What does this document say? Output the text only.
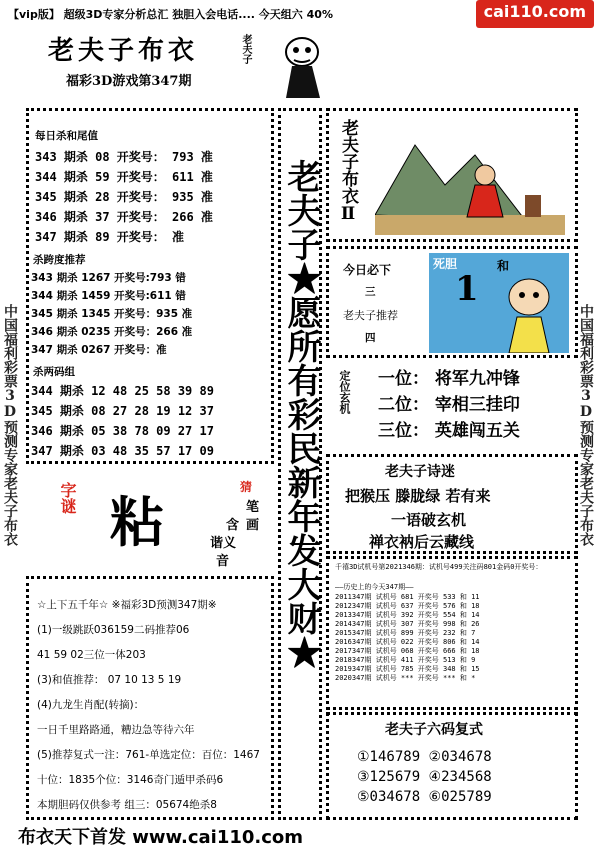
【vip版】 超级3D专家分析总汇 独胆入会电话.... 今天组六 40%	cai110.com
中国福利彩票3D预测专家老夫子布衣	中国福利彩票3D预测专家老夫子布衣
老夫子布衣
福彩3D游戏第347期
老夫子
每日杀和尾值
343 期杀 08 开奖号： 793 准
344 期杀 59 开奖号： 611 准
345 期杀 28 开奖号： 935 准
346 期杀 37 开奖号： 266 准
347 期杀 89 开奖号： 准
杀跨度推荐
343 期杀 1267 开奖号:793 错
344 期杀 1459 开奖号:611 错
345 期杀 1345 开奖号：935 准
346 期杀 0235 开奖号：266 准
347 期杀 0267 开奖号：准
杀两码组
344 期杀 12 48 25 58 39 89
345 期杀 08 27 28 19 12 37
346 期杀 05 38 78 09 27 17
347 期杀 03 48 35 57 17 09
字谜 粘
猜
笔
画
含
谐义
音
☆上下五千年☆ ※福彩3D预测347期※
(1)一级跳跃036159二码推荐06
41 59 02三位一体203
(3)和值推荐： 07 10 13 5 19
(4)九龙生肖配(转摘)：
一日千里路路通，糟边急等待六年
(5)推荐复式一注：761-单选定位：百位：1467
十位：1835个位：3146奇门遁甲杀码6
本期胆码仅供参考 组三：05674绝杀8
老夫子★愿所有彩民新年发大财★ 老夫子布衣Ⅱ
今日必下
三
老夫子推荐
四
死胆
1
和
定位玄机 一位： 将军九冲锋
二位： 宰相三挂印
三位： 英雄闯五关
老夫子诗迷
把猴压 滕胧绿 若有来
一语破玄机
禅衣衲后云藏线
千禧3D试机号第2021346期：试机号499关注码801金码0开奖号：
——历史上的今天347期——
2011347期 试机号 681 开奖号 533 和 11
2012347期 试机号 637 开奖号 576 和 18
2013347期 试机号 392 开奖号 554 和 14
2014347期 试机号 307 开奖号 998 和 26
2015347期 试机号 899 开奖号 232 和 7
2016347期 试机号 022 开奖号 806 和 14
2017347期 试机号 068 开奖号 666 和 18
2018347期 试机号 411 开奖号 513 和 9
2019347期 试机号 785 开奖号 348 和 15
2020347期 试机号 *** 开奖号 *** 和 *
老夫子六码复式
①146789 ②034678
③125679 ④234568
⑤034678 ⑥025789
布衣天下首发 www.cai110.com
